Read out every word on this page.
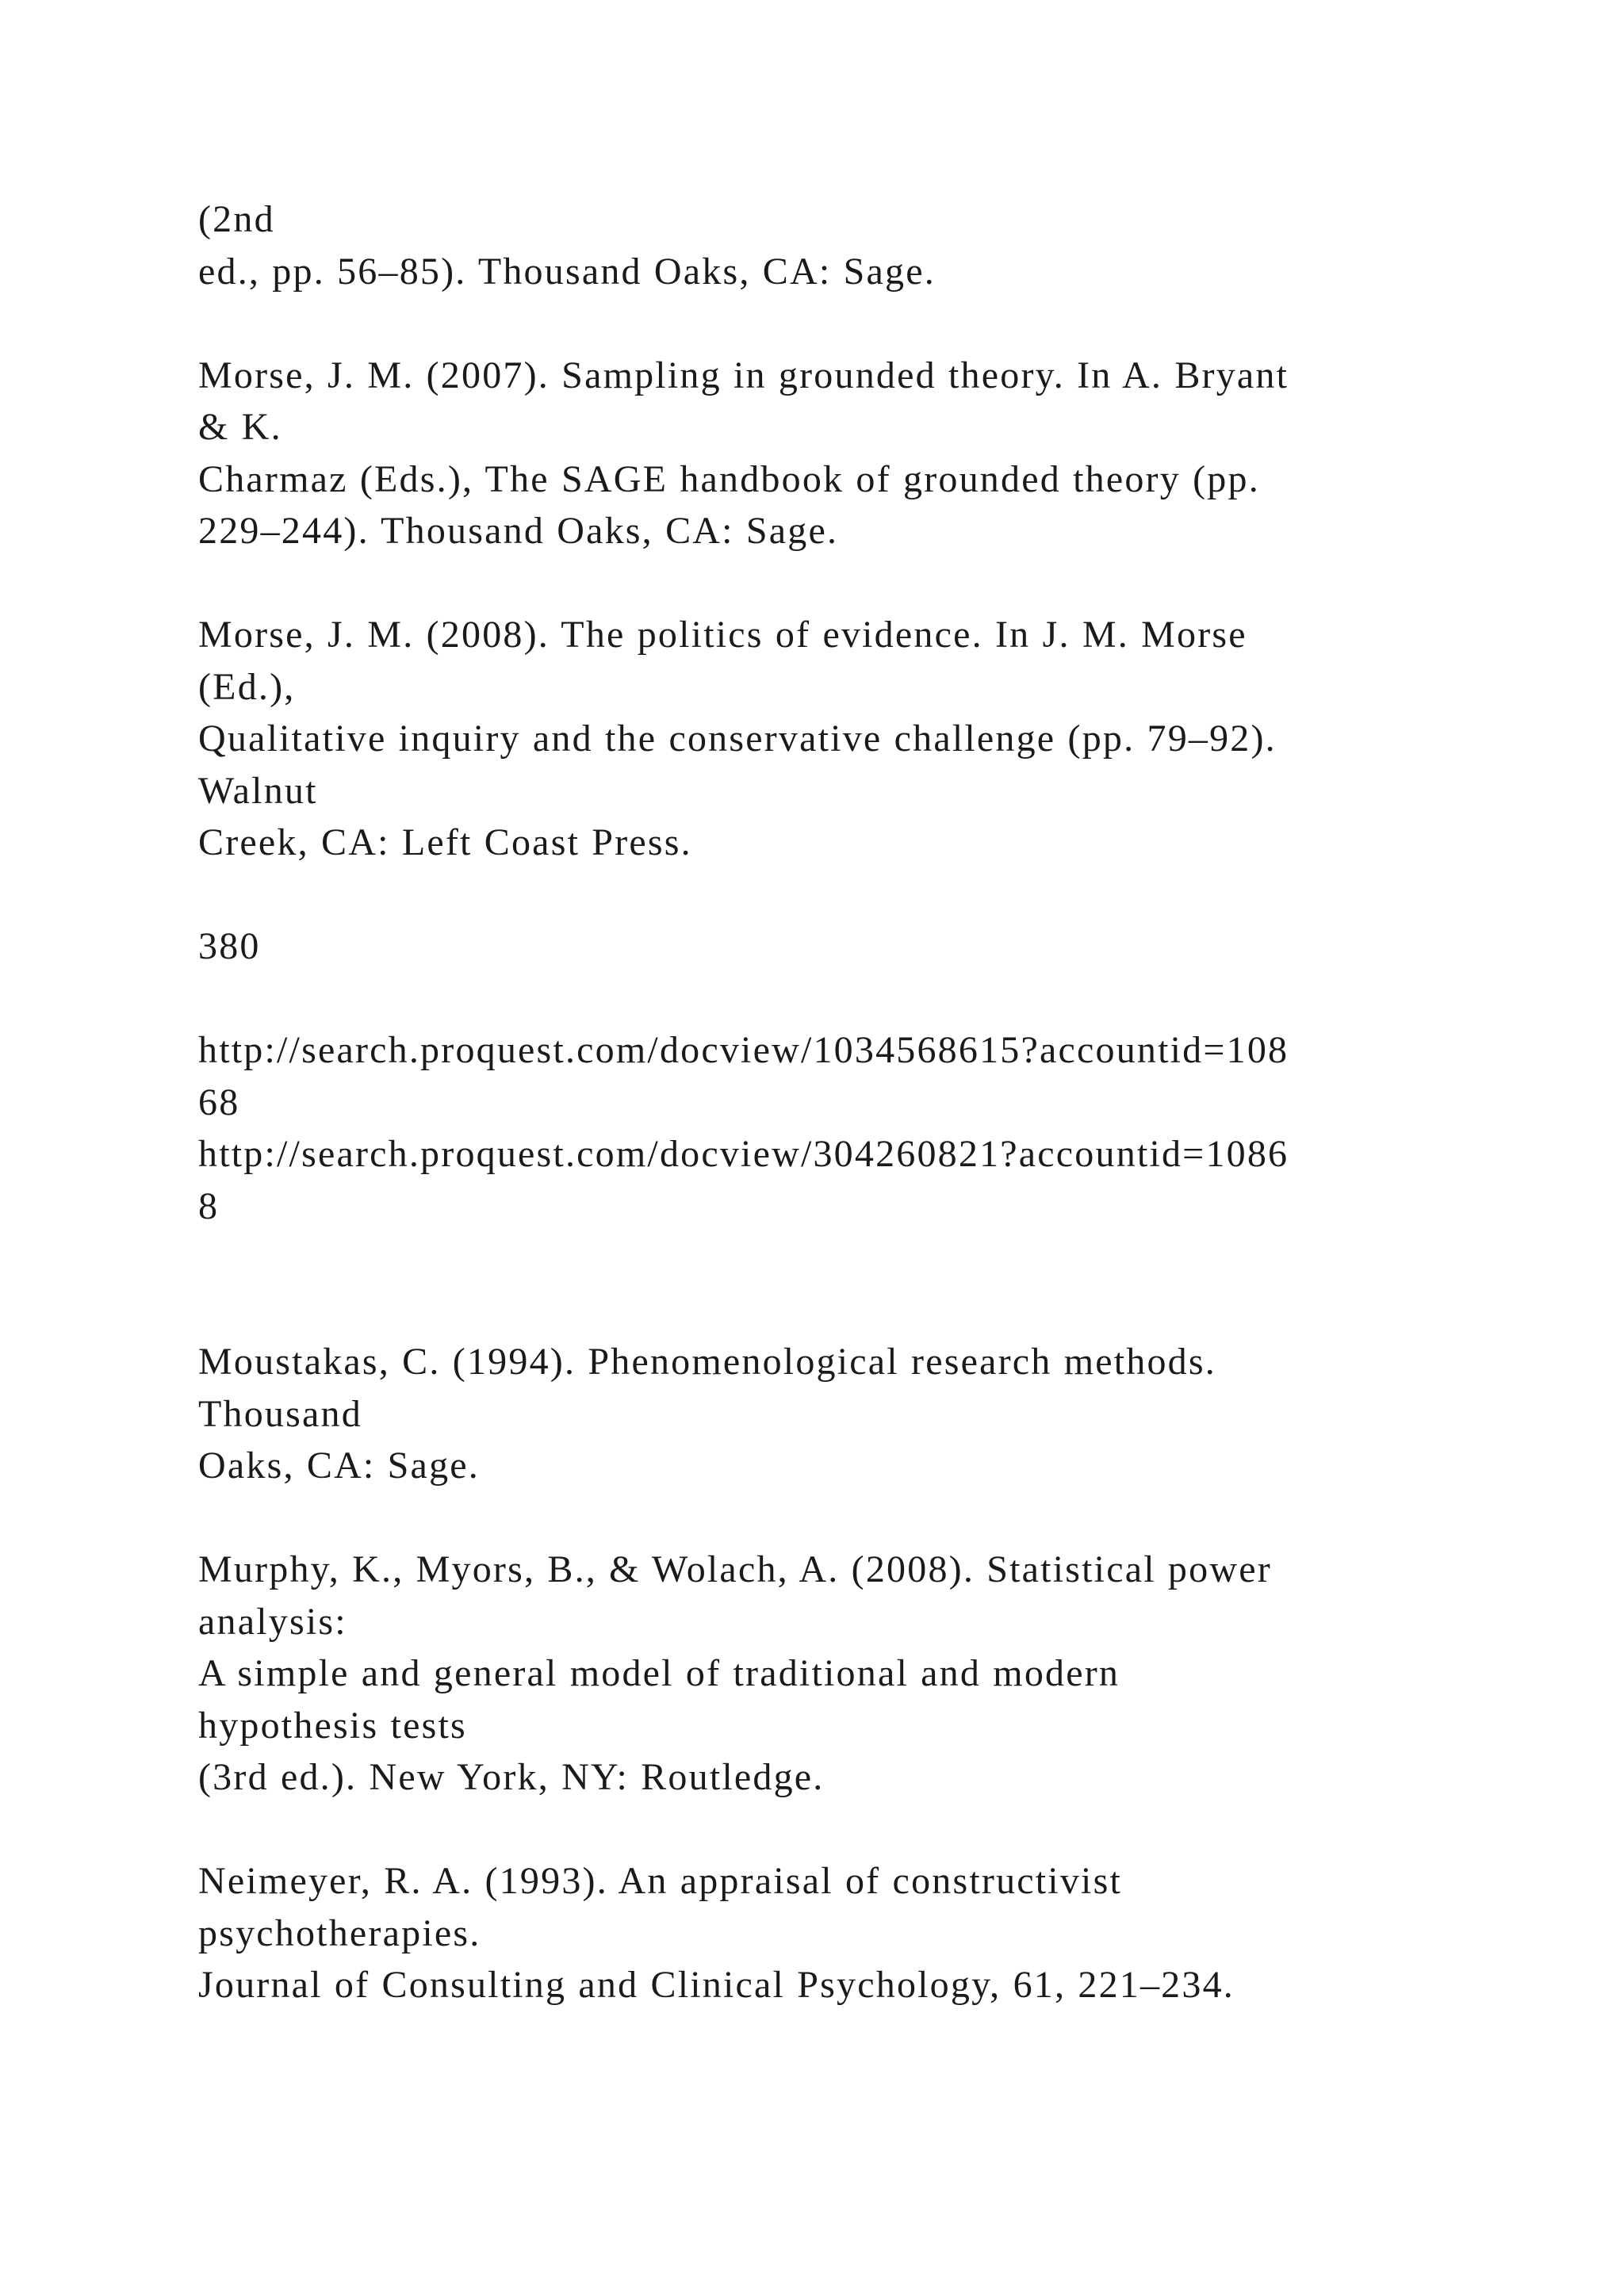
(2nd
ed., pp. 56–85). Thousand Oaks, CA: Sage.
Morse, J. M. (2007). Sampling in grounded theory. In A. Bryant
& K.
Charmaz (Eds.), The SAGE handbook of grounded theory (pp.
229–244). Thousand Oaks, CA: Sage.
Morse, J. M. (2008). The politics of evidence. In J. M. Morse
(Ed.),
Qualitative inquiry and the conservative challenge (pp. 79–92).
Walnut
Creek, CA: Left Coast Press.
380
http://search.proquest.com/docview/1034568615?accountid=108
68
http://search.proquest.com/docview/304260821?accountid=1086
8
Moustakas, C. (1994). Phenomenological research methods.
Thousand
Oaks, CA: Sage.
Murphy, K., Myors, B., & Wolach, A. (2008). Statistical power
analysis:
A simple and general model of traditional and modern
hypothesis tests
(3rd ed.). New York, NY: Routledge.
Neimeyer, R. A. (1993). An appraisal of constructivist
psychotherapies.
Journal of Consulting and Clinical Psychology, 61, 221–234.
